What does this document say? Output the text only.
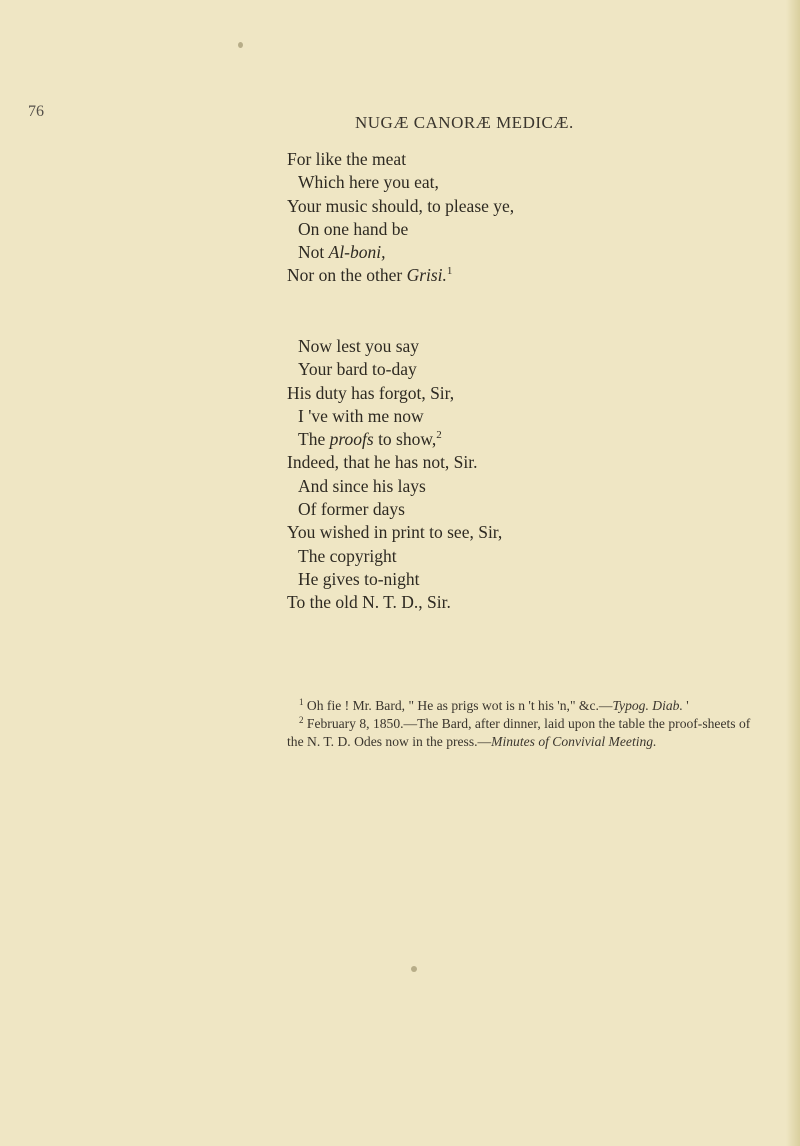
76
NUGÆ CANORÆ MEDICÆ.
For like the meat
Which here you eat,
Your music should, to please ye,
On one hand be
Not Al-boni,
Nor on the other Grisi.$^1$
Now lest you say
Your bard to-day
His duty has forgot, Sir,
I 've with me now
The proofs to show,$^2$
Indeed, that he has not, Sir.
And since his lays
Of former days
You wished in print to see, Sir,
The copyright
He gives to-night
To the old N. T. D., Sir.

$^1$ Oh fie ! Mr. Bard, " He as prigs wot is n 't his 'n," &c.—Typog. Diab. '

$^2$ February 8, 1850.—The Bard, after dinner, laid upon the table the proof-sheets of the N. T. D. Odes now in the press.—Minutes of Convivial Meeting.
